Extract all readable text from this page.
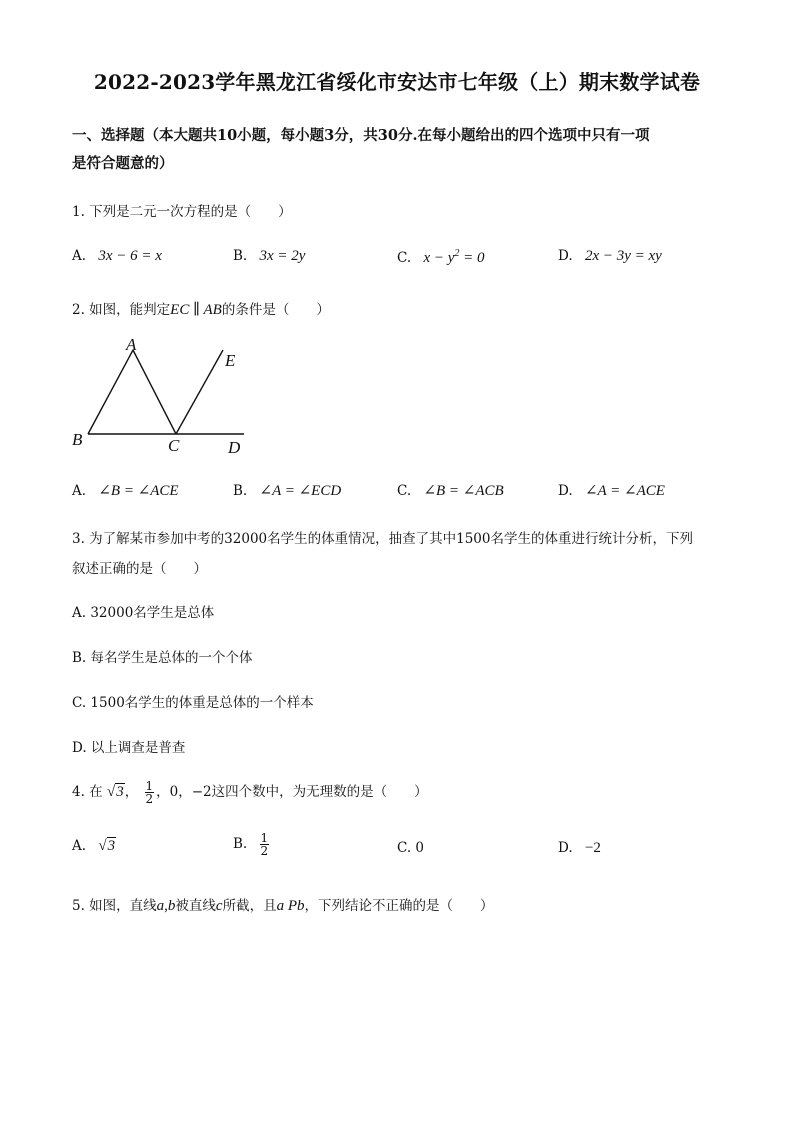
2022-2023学年黑龙江省绥化市安达市七年级（上）期末数学试卷
一、选择题（本大题共10小题，每小题3分，共30分.在每小题给出的四个选项中只有一项
是符合题意的）
1. 下列是二元一次方程的是（　　）
A. 3x − 6 = x	B. 3x = 2y	C. $x - y^2 = 0$	D. 2x − 3y = xy
2. 如图，能判定EC ∥ AB的条件是（　　）
A
B	C	D
E
A. ∠B = ∠ACE	B. ∠A = ∠ECD	C. ∠B = ∠ACB	D. ∠A = ∠ACE
3. 为了解某市参加中考的32000名学生的体重情况，抽查了其中1500名学生的体重进行统计分析，下列
叙述正确的是（　　）
A. 32000名学生是总体
B. 每名学生是总体的一个个体
C. 1500名学生的体重是总体的一个样本
D. 以上调查是普查
4. 在 √3， $\frac{1}{2}$ ，0，−2这四个数中，为无理数的是（　　）
A. √3	B. $\frac{1}{2}$	C. 0	D. −2
5. 如图，直线a,b被直线c所截，且a Pb，下列结论不正确的是（　　）
